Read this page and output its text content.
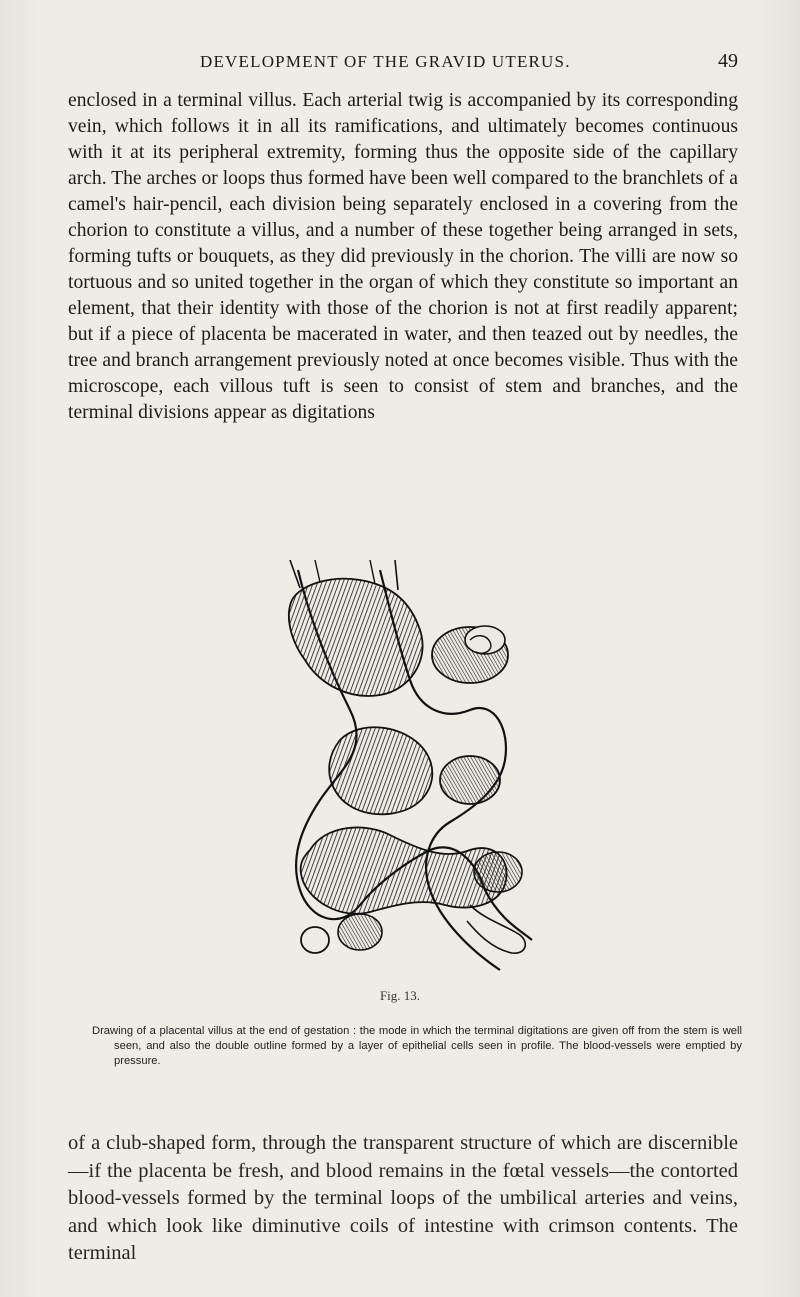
DEVELOPMENT OF THE GRAVID UTERUS.	49

enclosed in a terminal villus. Each arterial twig is accompanied by its corresponding vein, which follows it in all its ramifications, and ultimately becomes continuous with it at its peripheral extremity, forming thus the opposite side of the capillary arch. The arches or loops thus formed have been well compared to the branchlets of a camel's hair-pencil, each division being separately enclosed in a covering from the chorion to constitute a villus, and a number of these together being arranged in sets, forming tufts or bouquets, as they did previously in the chorion. The villi are now so tortuous and so united together in the organ of which they constitute so important an element, that their identity with those of the chorion is not at first readily apparent; but if a piece of placenta be macerated in water, and then teazed out by needles, the tree and branch arrangement previously noted at once becomes visible. Thus with the microscope, each villous tuft is seen to consist of stem and branches, and the terminal divisions appear as digitations

Fig. 13.

Drawing of a placental villus at the end of gestation : the mode in which the terminal digitations are given off from the stem is well seen, and also the double outline formed by a layer of epithelial cells seen in profile. The blood-vessels were emptied by pressure.

of a club-shaped form, through the transparent structure of which are discernible—if the placenta be fresh, and blood remains in the fœtal vessels—the contorted blood-vessels formed by the terminal loops of the umbilical arteries and veins, and which look like diminutive coils of intestine with crimson contents. The terminal
